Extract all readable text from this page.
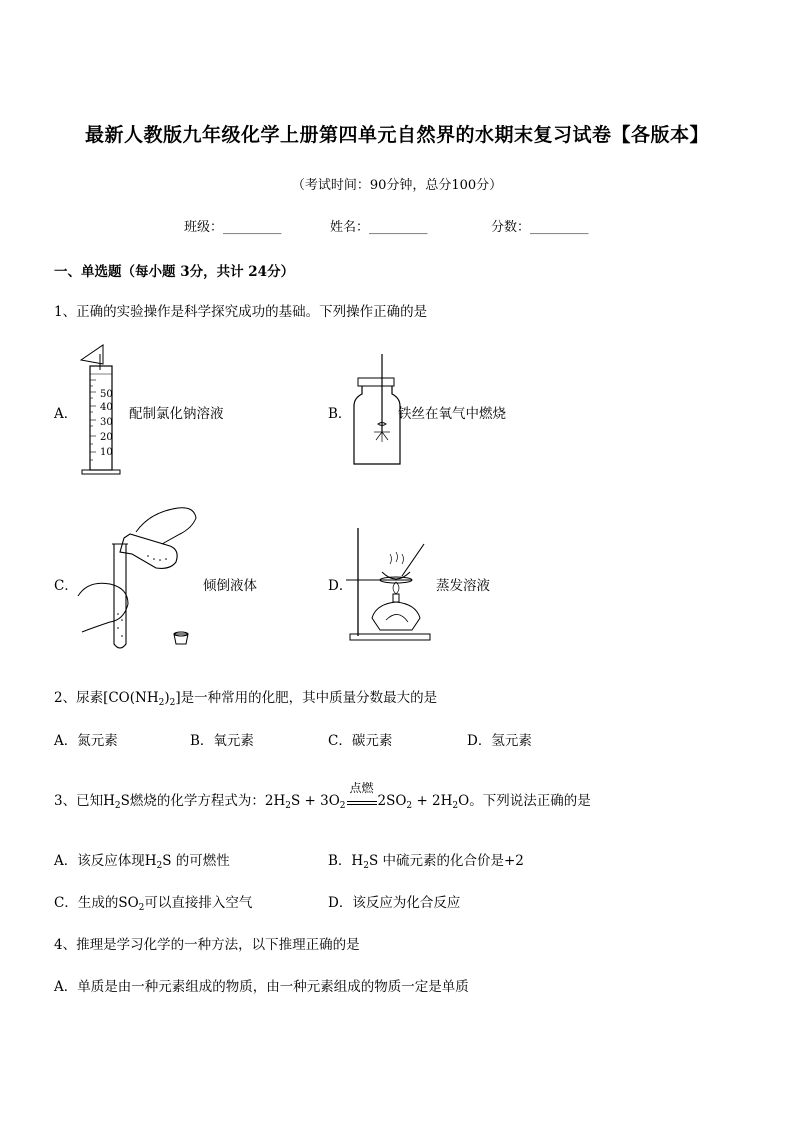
最新人教版九年级化学上册第四单元自然界的水期末复习试卷【各版本】
（考试时间：90分钟，总分100分）
班级：_________	姓名：_________	分数：_________
一、单选题（每小题 3分，共计 24分）
1、正确的实验操作是科学探究成功的基础。下列操作正确的是
A．
50
40
30
20
10
配制氯化钠溶液	B．	铁丝在氧气中燃烧
C．	倾倒液体	D．	蒸发溶液
2、尿素$[CO(NH_2)_2]$是一种常用的化肥，其中质量分数最大的是
A．氮元素	B．氧元素	C．碳元素	D．氢元素
3、已知$H_2S$燃烧的化学方程式为：$2H_2S + 3O_2$
点燃
$2SO_2 + 2H_2O$。下列说法正确的是
A．该反应体现$H_2S$ 的可燃性	B．$H_2S$ 中硫元素的化合价是+2
C．生成的$SO_2$可以直接排入空气	D．该反应为化合反应
4、推理是学习化学的一种方法，以下推理正确的是
A．单质是由一种元素组成的物质，由一种元素组成的物质一定是单质
